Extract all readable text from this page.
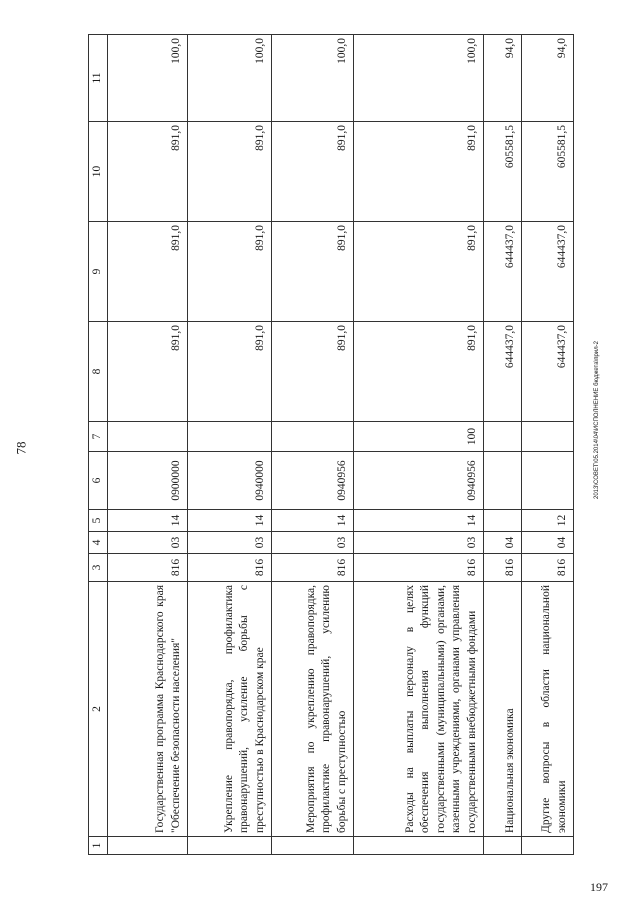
78
197
2013\СОВЕТ\05.2014\04\ИСПОЛНЕНИЕ бюджета\прил-2
1	2	3	4	5	6	7	8	9	10	11
	Государственная программа Краснодарского края "Обеспечение безопасности населения"	816	03	14	0900000		891,0	891,0	891,0	100,0
	Укрепление правопорядка, профилактика правонарушений, усиление борьбы с преступностью в Краснодарском крае	816	03	14	0940000		891,0	891,0	891,0	100,0
	Мероприятия по укреплению правопорядка, профилактике правонарушений, усилению борьбы с преступностью	816	03	14	0940956		891,0	891,0	891,0	100,0
	Расходы на выплаты персоналу в целях обеспечения выполнения функций государственными (муниципальными) органами, казенными учреждениями, органами управления государственными внебюджетными фондами	816	03	14	0940956	100	891,0	891,0	891,0	100,0
	Национальная экономика	816	04				644437,0	644437,0	605581,5	94,0
	Другие вопросы в области национальной экономики	816	04	12			644437,0	644437,0	605581,5	94,0
